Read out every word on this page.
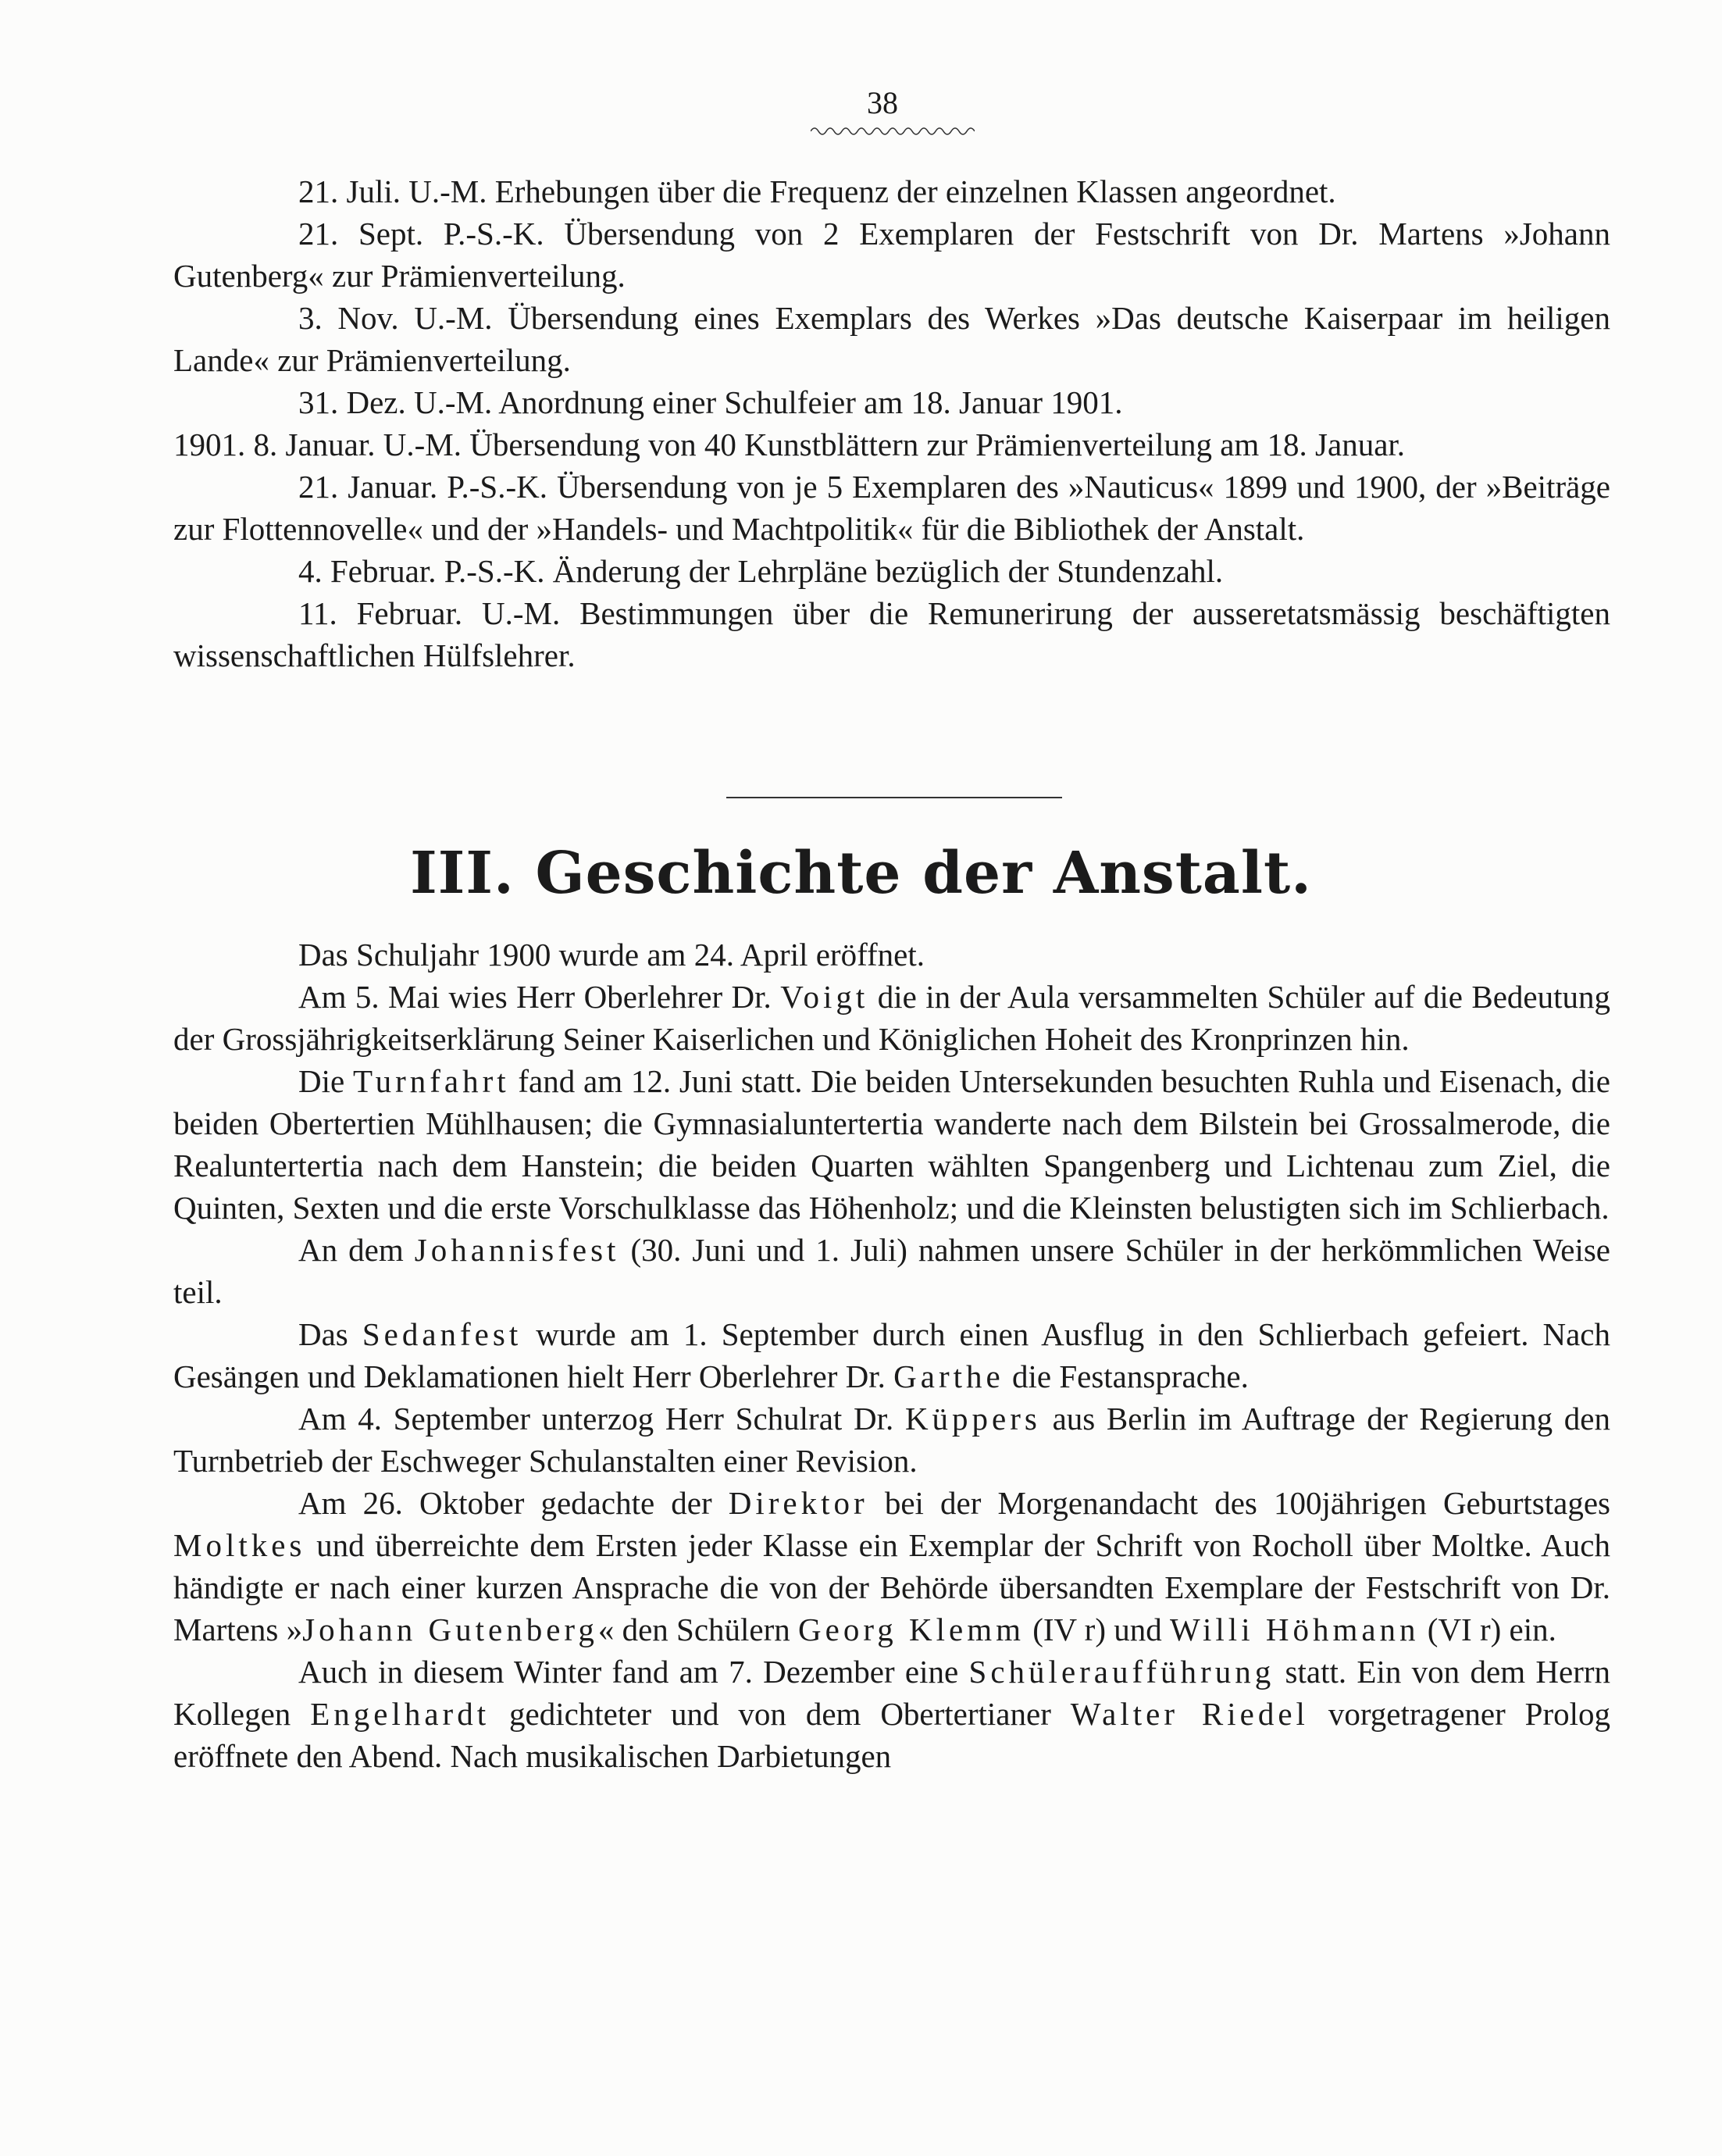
38

21. Juli. U.-M. Erhebungen über die Frequenz der einzelnen Klassen angeordnet.

21. Sept. P.-S.-K. Übersendung von 2 Exemplaren der Festschrift von Dr. Martens »Johann Gutenberg« zur Prämienverteilung.

3. Nov. U.-M. Übersendung eines Exemplars des Werkes »Das deutsche Kaiserpaar im heiligen Lande« zur Prämienverteilung.

31. Dez. U.-M. Anordnung einer Schulfeier am 18. Januar 1901.

1901. 8. Januar. U.-M. Übersendung von 40 Kunstblättern zur Prämienverteilung am 18. Januar.

21. Januar. P.-S.-K. Übersendung von je 5 Exemplaren des »Nauticus« 1899 und 1900, der »Beiträge zur Flottennovelle« und der »Handels- und Machtpolitik« für die Bibliothek der Anstalt.

4. Februar. P.-S.-K. Änderung der Lehrpläne bezüglich der Stundenzahl.

11. Februar. U.-M. Bestimmungen über die Remunerirung der ausseretatsmässig beschäftigten wissenschaftlichen Hülfslehrer.

III. Geschichte der Anstalt.

Das Schuljahr 1900 wurde am 24. April eröffnet.

Am 5. Mai wies Herr Oberlehrer Dr. Voigt die in der Aula versammelten Schüler auf die Bedeutung der Grossjährigkeitserklärung Seiner Kaiserlichen und Königlichen Hoheit des Kronprinzen hin.

Die Turnfahrt fand am 12. Juni statt. Die beiden Untersekunden besuchten Ruhla und Eisenach, die beiden Obertertien Mühlhausen; die Gymnasialuntertertia wanderte nach dem Bilstein bei Grossalmerode, die Realuntertertia nach dem Hanstein; die beiden Quarten wählten Spangenberg und Lichtenau zum Ziel, die Quinten, Sexten und die erste Vorschulklasse das Höhenholz; und die Kleinsten belustigten sich im Schlierbach.

An dem Johannisfest (30. Juni und 1. Juli) nahmen unsere Schüler in der herkömmlichen Weise teil.

Das Sedanfest wurde am 1. September durch einen Ausflug in den Schlierbach gefeiert. Nach Gesängen und Deklamationen hielt Herr Oberlehrer Dr. Garthe die Festansprache.

Am 4. September unterzog Herr Schulrat Dr. Küppers aus Berlin im Auftrage der Regierung den Turnbetrieb der Eschweger Schulanstalten einer Revision.

Am 26. Oktober gedachte der Direktor bei der Morgenandacht des 100jährigen Geburtstages Moltkes und überreichte dem Ersten jeder Klasse ein Exemplar der Schrift von Rocholl über Moltke. Auch händigte er nach einer kurzen Ansprache die von der Behörde übersandten Exemplare der Festschrift von Dr. Martens »Johann Gutenberg« den Schülern Georg Klemm (IV r) und Willi Höhmann (VI r) ein.

Auch in diesem Winter fand am 7. Dezember eine Schüleraufführung statt. Ein von dem Herrn Kollegen Engelhardt gedichteter und von dem Obertertianer Walter Riedel vorgetragener Prolog eröffnete den Abend. Nach musikalischen Darbietungen
